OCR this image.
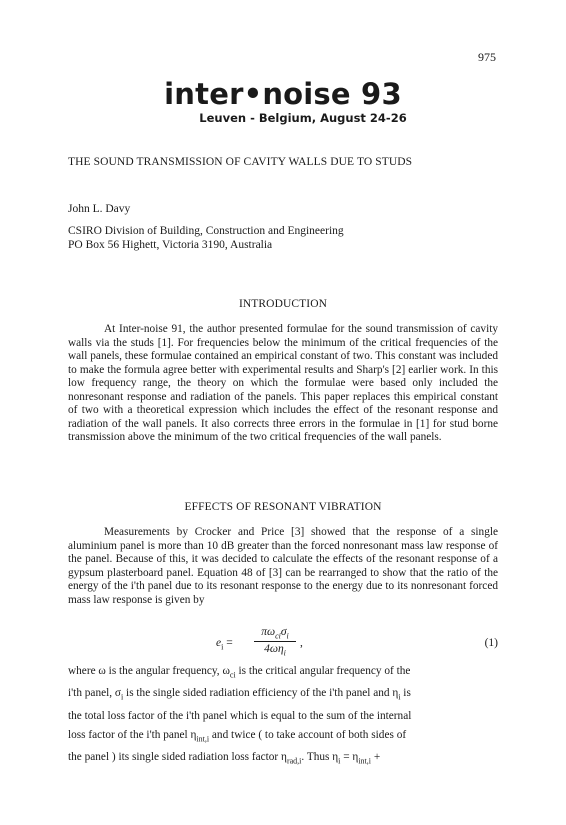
975
inter•noise 93
Leuven - Belgium, August 24-26
THE SOUND TRANSMISSION OF CAVITY WALLS DUE TO STUDS
John L. Davy
CSIRO Division of Building, Construction and Engineering
PO Box 56 Highett, Victoria 3190, Australia
INTRODUCTION

At Inter-noise 91, the author presented formulae for the sound transmission of cavity walls via the studs [1]. For frequencies below the minimum of the critical frequencies of the wall panels, these formulae contained an empirical constant of two. This constant was included to make the formula agree better with experimental results and Sharp's [2] earlier work. In this low frequency range, the theory on which the formulae were based only included the nonresonant response and radiation of the panels. This paper replaces this empirical constant of two with a theoretical expression which includes the effect of the resonant response and radiation of the wall panels. It also corrects three errors in the formulae in [1] for stud borne transmission above the minimum of the two critical frequencies of the wall panels.

EFFECTS OF RESONANT VIBRATION

Measurements by Crocker and Price [3] showed that the response of a single aluminium panel is more than 10 dB greater than the forced nonresonant mass law response of the panel. Because of this, it was decided to calculate the effects of the resonant response of a gypsum plasterboard panel. Equation 48 of [3] can be rearranged to show that the ratio of the energy of the i'th panel due to its resonant response to the energy due to its nonresonant forced mass law response is given by

$e_i$ =
$\pi\omega_{ci}\sigma_i$
$4\omega\eta_i$
,	(1)

where ω is the angular frequency, $\omega_{ci}$ is the critical angular frequency of the

i'th panel, $\sigma_i$ is the single sided radiation efficiency of the i'th panel and $\eta_i$ is

the total loss factor of the i'th panel which is equal to the sum of the internal

loss factor of the i'th panel $\eta_{int,i}$ and twice ( to take account of both sides of

the panel ) its single sided radiation loss factor $\eta_{rad,i}$. Thus $\eta_i = \eta_{int,i}$ +
